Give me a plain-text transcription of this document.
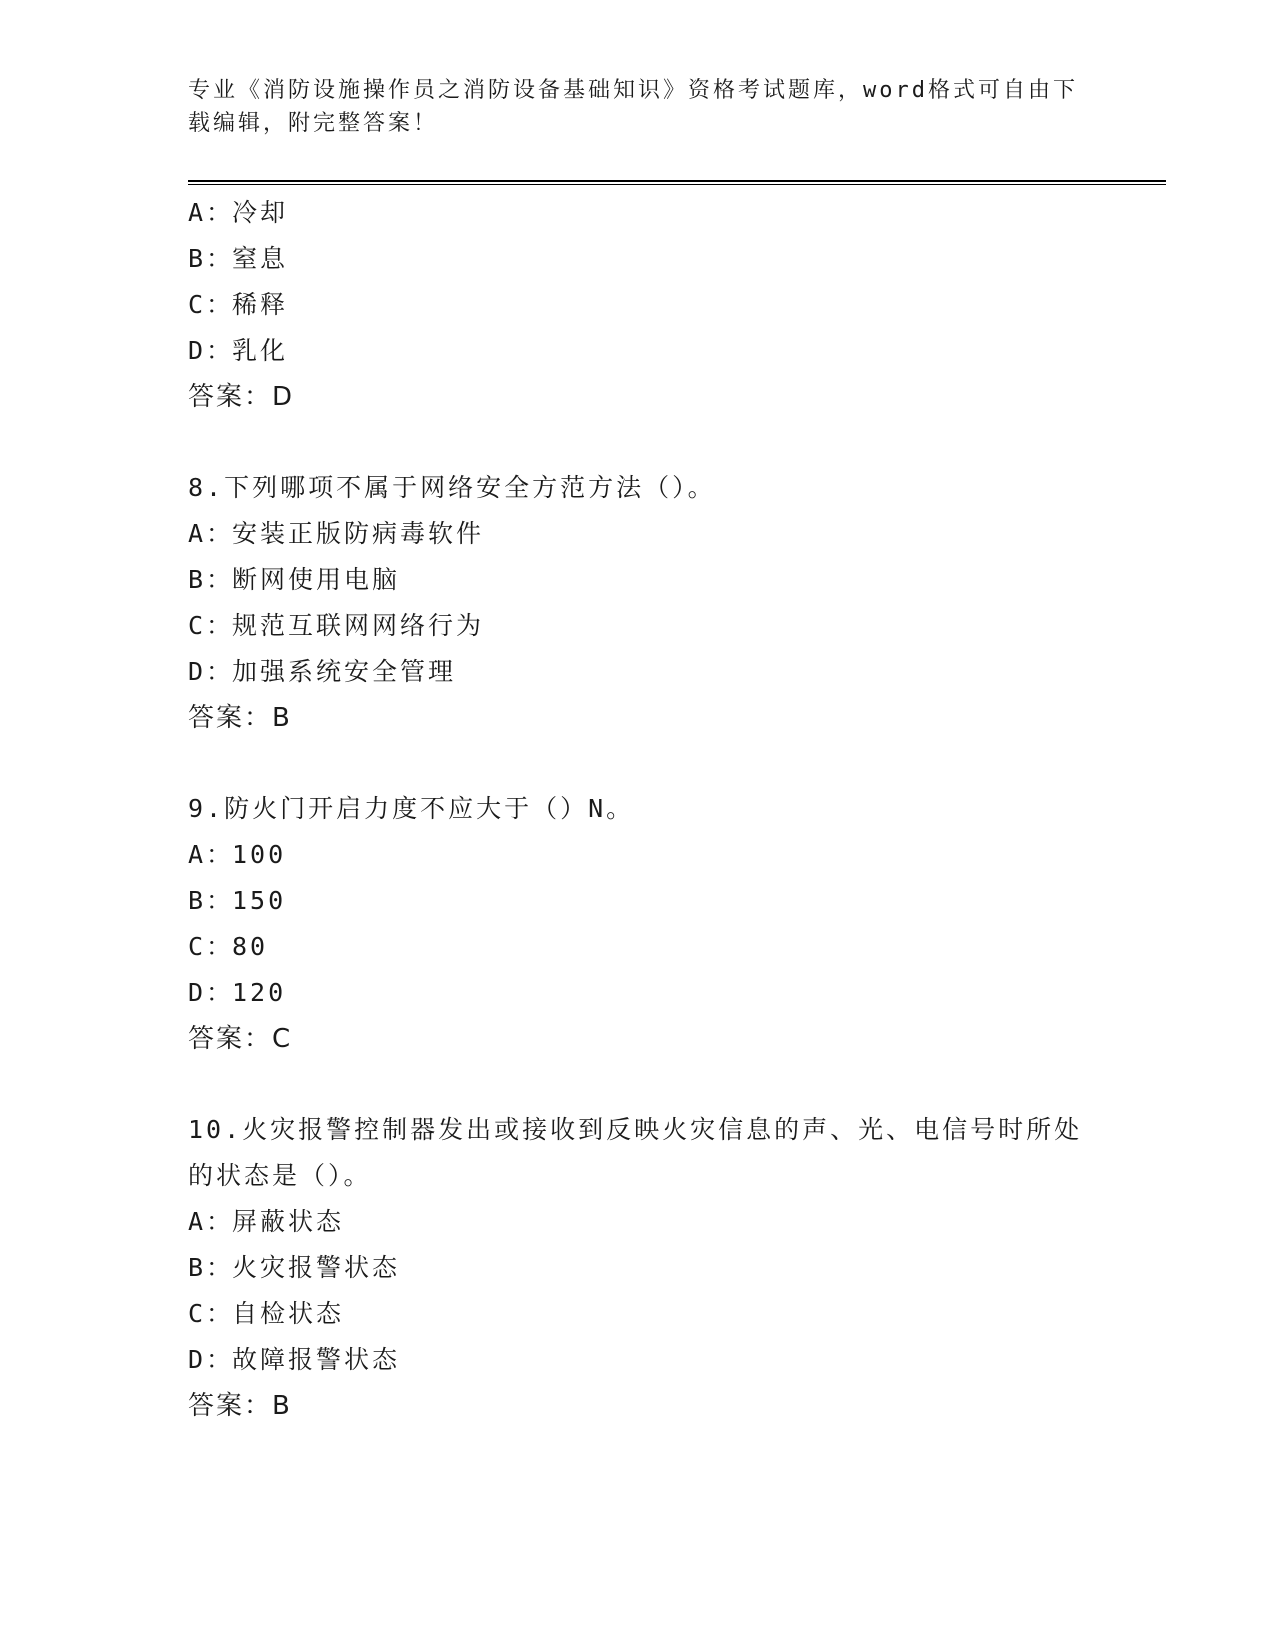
专业《消防设施操作员之消防设备基础知识》资格考试题库，word格式可自由下载编辑，附完整答案！
A：冷却
B：窒息
C：稀释
D：乳化
答案：D
8.下列哪项不属于网络安全方范方法（）。
A：安装正版防病毒软件
B：断网使用电脑
C：规范互联网网络行为
D：加强系统安全管理
答案：B
9.防火门开启力度不应大于（）N。
A：100
B：150
C：80
D：120
答案：C
10.火灾报警控制器发出或接收到反映火灾信息的声、光、电信号时所处的状态是（）。
A：屏蔽状态
B：火灾报警状态
C：自检状态
D：故障报警状态
答案：B
